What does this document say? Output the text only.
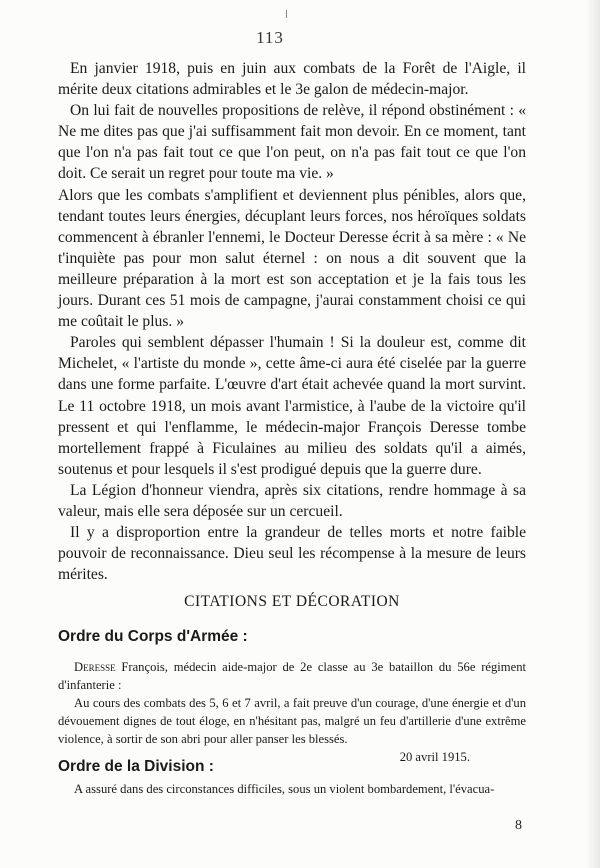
113

En janvier 1918, puis en juin aux combats de la Forêt de l'Aigle, il mérite deux citations admirables et le 3e galon de médecin-major.

On lui fait de nouvelles propositions de relève, il répond obstinément : « Ne me dites pas que j'ai suffisamment fait mon devoir. En ce moment, tant que l'on n'a pas fait tout ce que l'on peut, on n'a pas fait tout ce que l'on doit. Ce serait un regret pour toute ma vie. »

Alors que les combats s'amplifient et deviennent plus pénibles, alors que, tendant toutes leurs énergies, décuplant leurs forces, nos héroïques soldats commencent à ébranler l'ennemi, le Docteur Deresse écrit à sa mère : « Ne t'inquiète pas pour mon salut éternel : on nous a dit souvent que la meilleure préparation à la mort est son acceptation et je la fais tous les jours. Durant ces 51 mois de campagne, j'aurai constamment choisi ce qui me coûtait le plus. »

Paroles qui semblent dépasser l'humain ! Si la douleur est, comme dit Michelet, « l'artiste du monde », cette âme-ci aura été ciselée par la guerre dans une forme parfaite. L'œuvre d'art était achevée quand la mort survint. Le 11 octobre 1918, un mois avant l'armistice, à l'aube de la victoire qu'il pressent et qui l'enflamme, le médecin-major François Deresse tombe mortellement frappé à Ficulaines au milieu des soldats qu'il a aimés, soutenus et pour lesquels il s'est prodigué depuis que la guerre dure.

La Légion d'honneur viendra, après six citations, rendre hommage à sa valeur, mais elle sera déposée sur un cercueil.

Il y a disproportion entre la grandeur de telles morts et notre faible pouvoir de reconnaissance. Dieu seul les récompense à la mesure de leurs mérites.

CITATIONS ET DÉCORATION
Ordre du Corps d'Armée :

Deresse François, médecin aide-major de 2e classe au 3e bataillon du 56e régiment d'infanterie :

Au cours des combats des 5, 6 et 7 avril, a fait preuve d'un courage, d'une énergie et d'un dévouement dignes de tout éloge, en n'hésitant pas, malgré un feu d'artillerie d'une extrême violence, à sortir de son abri pour aller panser les blessés.

20 avril 1915.

Ordre de la Division :

A assuré dans des circonstances difficiles, sous un violent bombardement, l'évacua-

8
